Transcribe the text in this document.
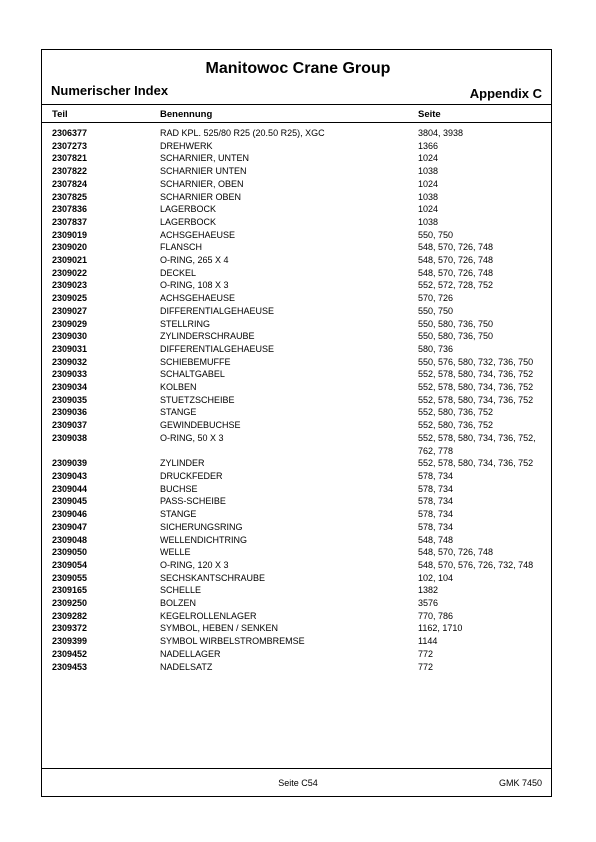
Manitowoc Crane Group
Numerischer Index	Appendix C
Teil	Benennung	Seite
2306377	RAD KPL. 525/80 R25 (20.50 R25), XGC	3804, 3938
2307273	DREHWERK	1366
2307821	SCHARNIER, UNTEN	1024
2307822	SCHARNIER UNTEN	1038
2307824	SCHARNIER, OBEN	1024
2307825	SCHARNIER OBEN	1038
2307836	LAGERBOCK	1024
2307837	LAGERBOCK	1038
2309019	ACHSGEHAEUSE	550, 750
2309020	FLANSCH	548, 570, 726, 748
2309021	O-RING, 265 X 4	548, 570, 726, 748
2309022	DECKEL	548, 570, 726, 748
2309023	O-RING, 108 X 3	552, 572, 728, 752
2309025	ACHSGEHAEUSE	570, 726
2309027	DIFFERENTIALGEHAEUSE	550, 750
2309029	STELLRING	550, 580, 736, 750
2309030	ZYLINDERSCHRAUBE	550, 580, 736, 750
2309031	DIFFERENTIALGEHAEUSE	580, 736
2309032	SCHIEBEMUFFE	550, 576, 580, 732, 736, 750
2309033	SCHALTGABEL	552, 578, 580, 734, 736, 752
2309034	KOLBEN	552, 578, 580, 734, 736, 752
2309035	STUETZSCHEIBE	552, 578, 580, 734, 736, 752
2309036	STANGE	552, 580, 736, 752
2309037	GEWINDEBUCHSE	552, 580, 736, 752
2309038	O-RING, 50 X 3	552, 578, 580, 734, 736, 752, 762, 778
2309039	ZYLINDER	552, 578, 580, 734, 736, 752
2309043	DRUCKFEDER	578, 734
2309044	BUCHSE	578, 734
2309045	PASS-SCHEIBE	578, 734
2309046	STANGE	578, 734
2309047	SICHERUNGSRING	578, 734
2309048	WELLENDICHTRING	548, 748
2309050	WELLE	548, 570, 726, 748
2309054	O-RING, 120 X 3	548, 570, 576, 726, 732, 748
2309055	SECHSKANTSCHRAUBE	102, 104
2309165	SCHELLE	1382
2309250	BOLZEN	3576
2309282	KEGELROLLENLAGER	770, 786
2309372	SYMBOL, HEBEN / SENKEN	1162, 1710
2309399	SYMBOL WIRBELSTROMBREMSE	1144
2309452	NADELLAGER	772
2309453	NADELSATZ	772
Seite C54	GMK 7450
